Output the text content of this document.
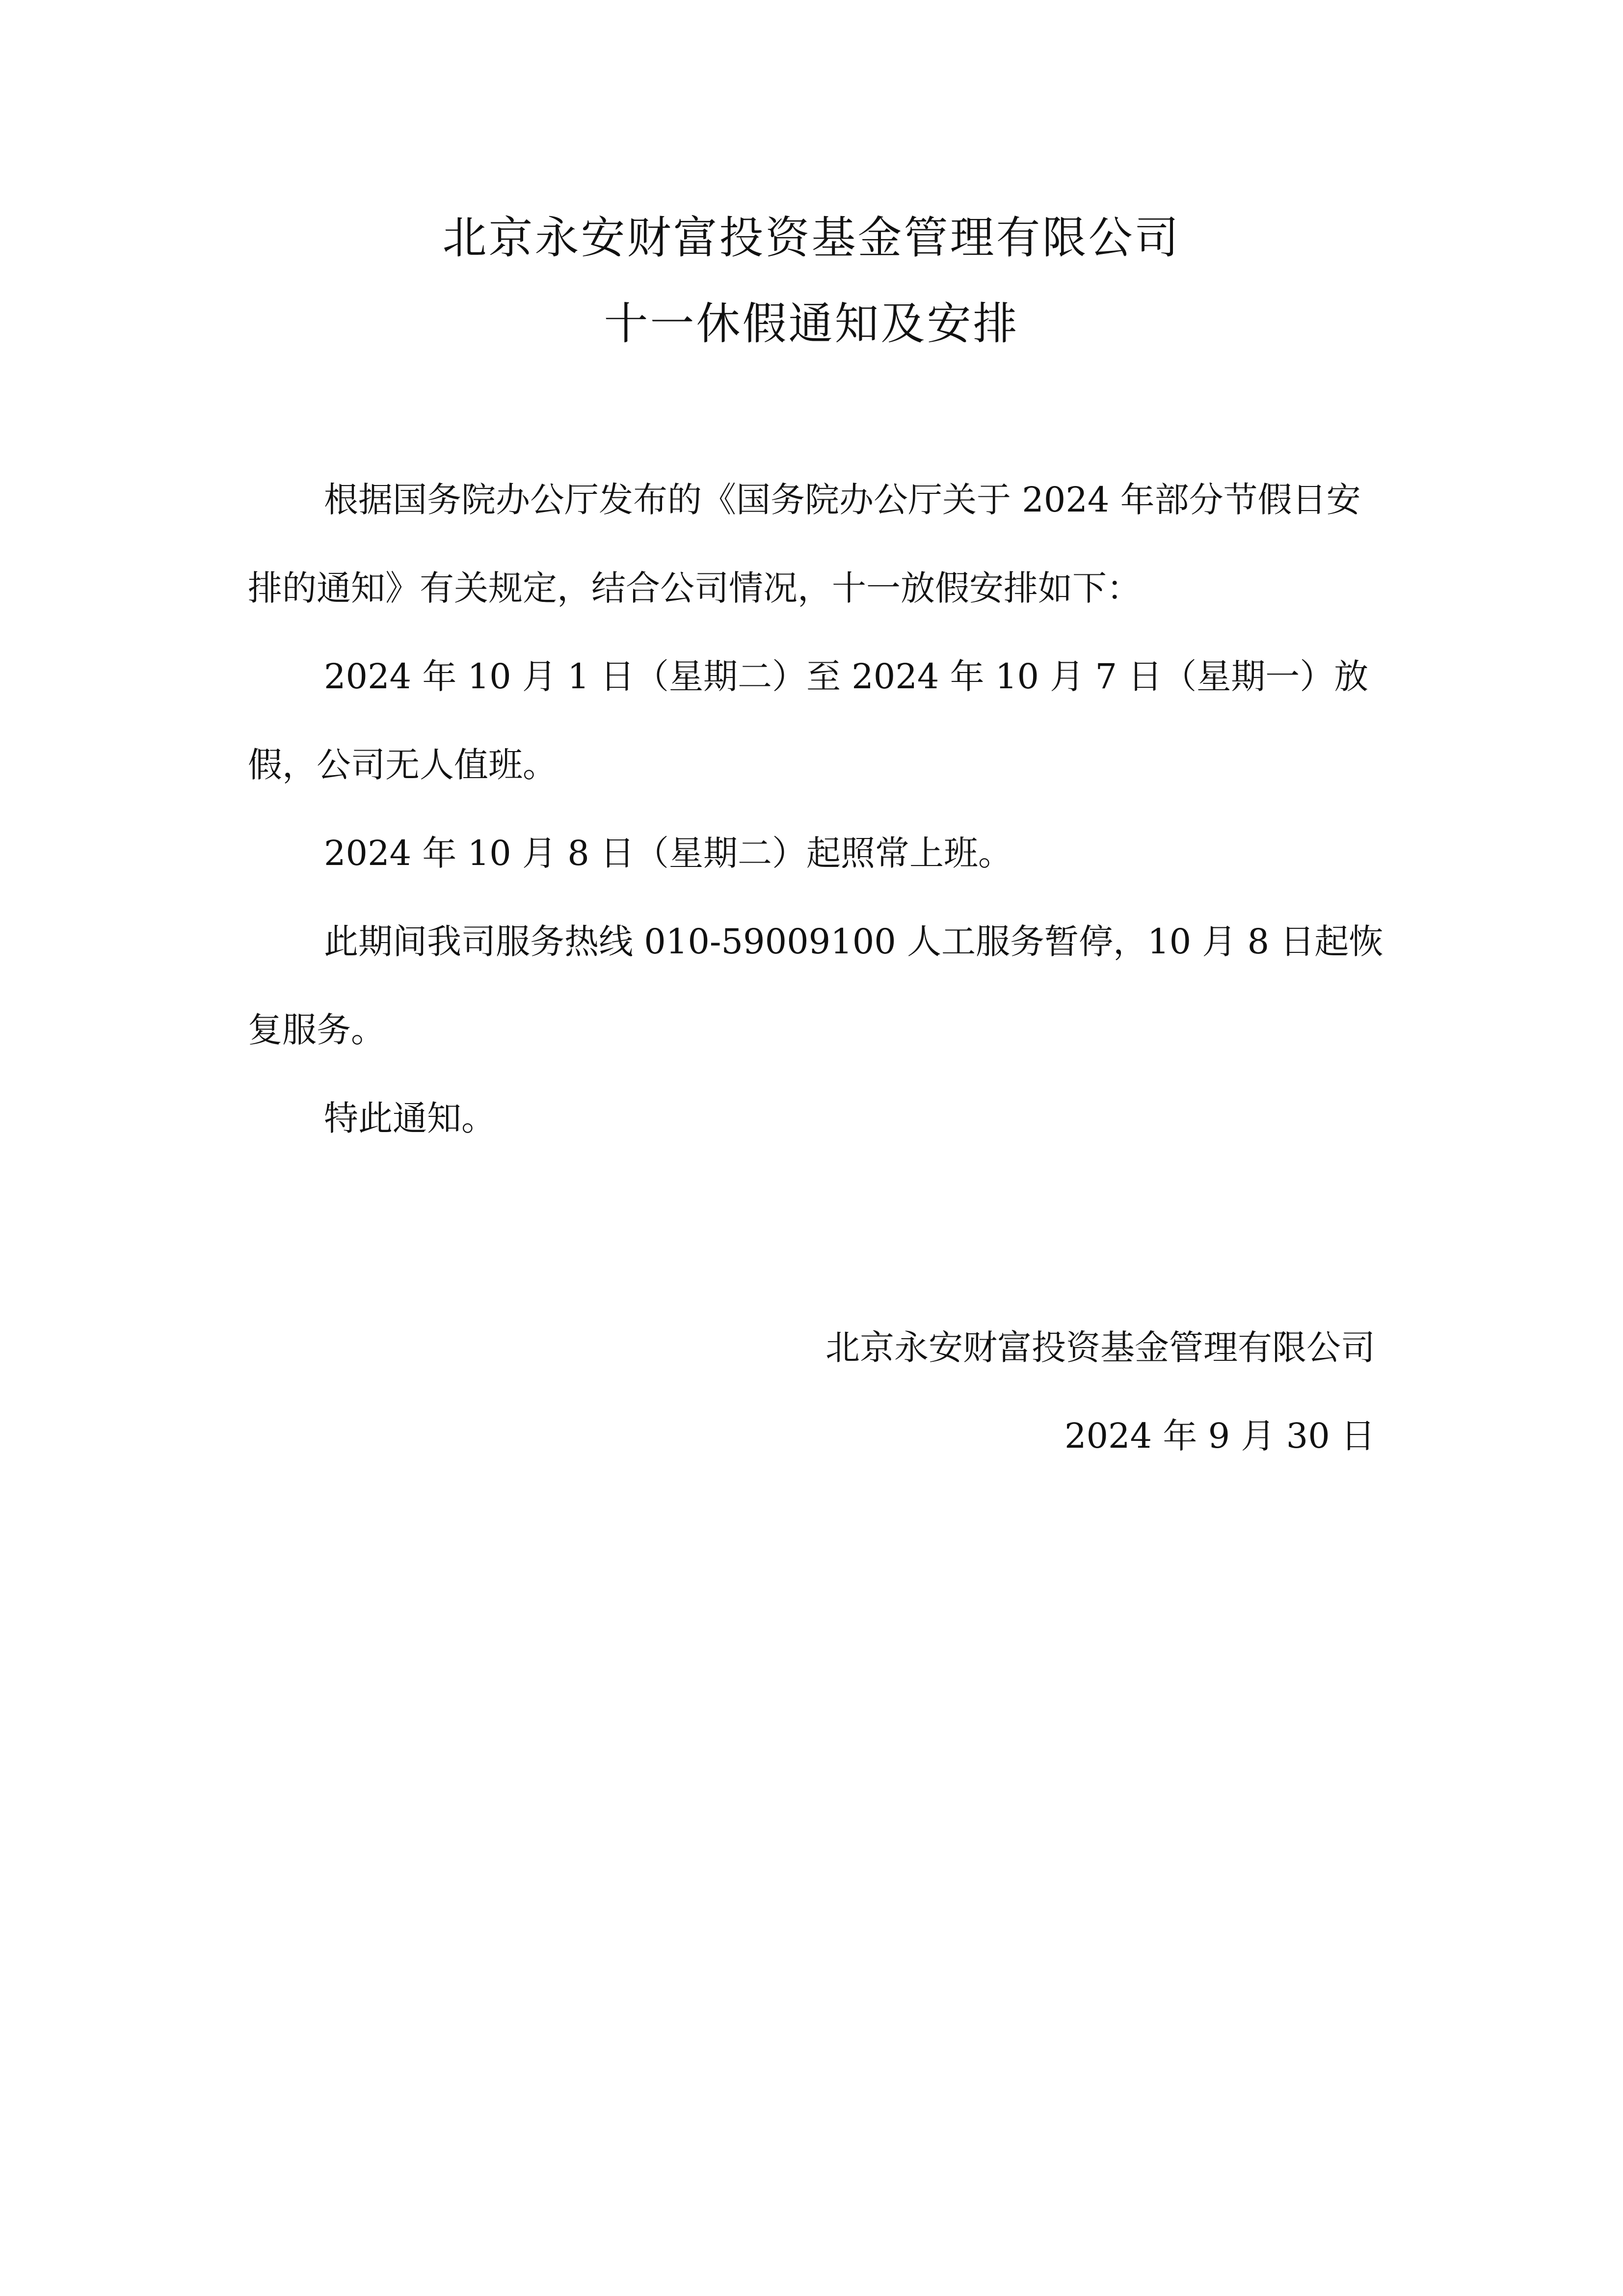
北京永安财富投资基金管理有限公司
十一休假通知及安排

根据国务院办公厅发布的《国务院办公厅关于 2024 年部分节假日安排的通知》有关规定，结合公司情况，十一放假安排如下：

2024 年 10 月 1 日（星期二）至 2024 年 10 月 7 日（星期一）放假，公司无人值班。

2024 年 10 月 8 日（星期二）起照常上班。

此期间我司服务热线 010-59009100 人工服务暂停，10 月 8 日起恢复服务。

特此通知。

北京永安财富投资基金管理有限公司

2024 年 9 月 30 日
